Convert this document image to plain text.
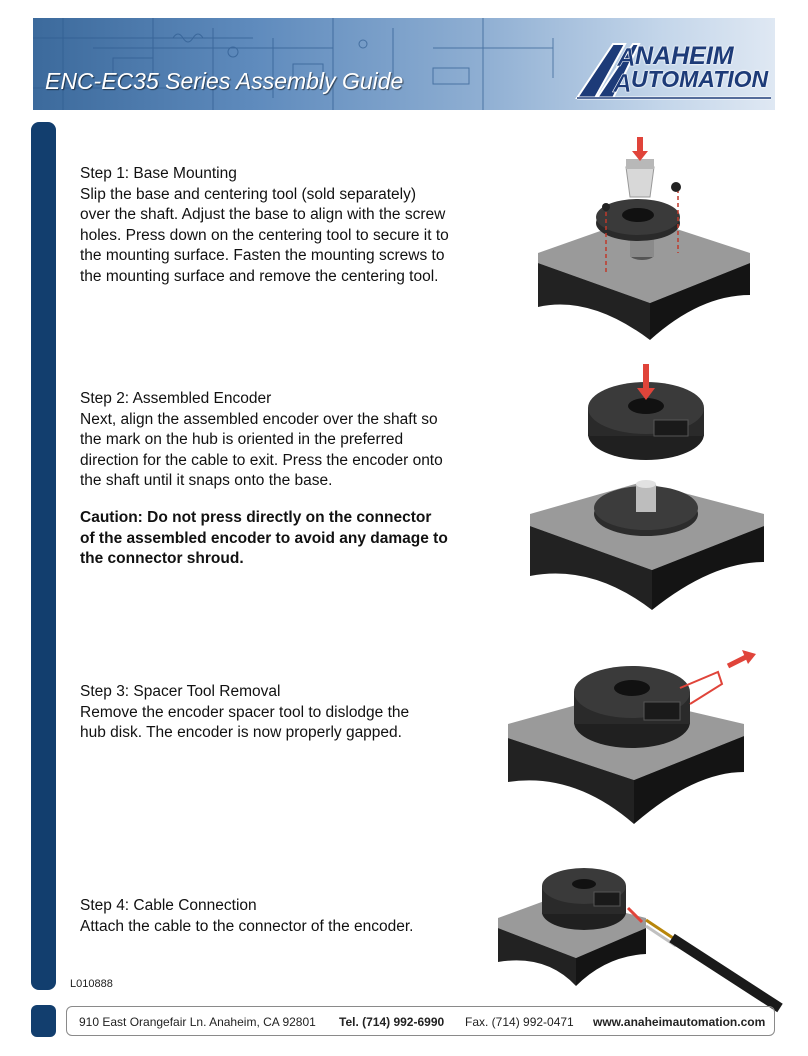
ENC-EC35 Series Assembly Guide
A
A
NAHEIM
UTOMATION

Step 1: Base Mounting

Slip the base and centering tool (sold separately)

over the shaft. Adjust the base to align with the screw

holes. Press down on the centering tool to secure it to

the mounting surface. Fasten the mounting screws to

the mounting surface and remove the centering tool.

Step 2: Assembled Encoder

Next, align the assembled encoder over the shaft so

the mark on the hub is oriented in the preferred

direction for the cable to exit. Press the encoder onto

the shaft until it snaps onto the base.

Caution: Do not press directly on the connector
of the assembled encoder to avoid any damage to
the connector shroud.

Step 3: Spacer Tool Removal

Remove the encoder spacer tool to dislodge the

hub disk. The encoder is now properly gapped.

Step 4: Cable Connection

Attach the cable to the connector of the encoder.

L010888
910 East Orangefair Ln. Anaheim, CA 92801 Tel. (714) 992-6990 Fax. (714) 992-0471 www.anaheimautomation.com
